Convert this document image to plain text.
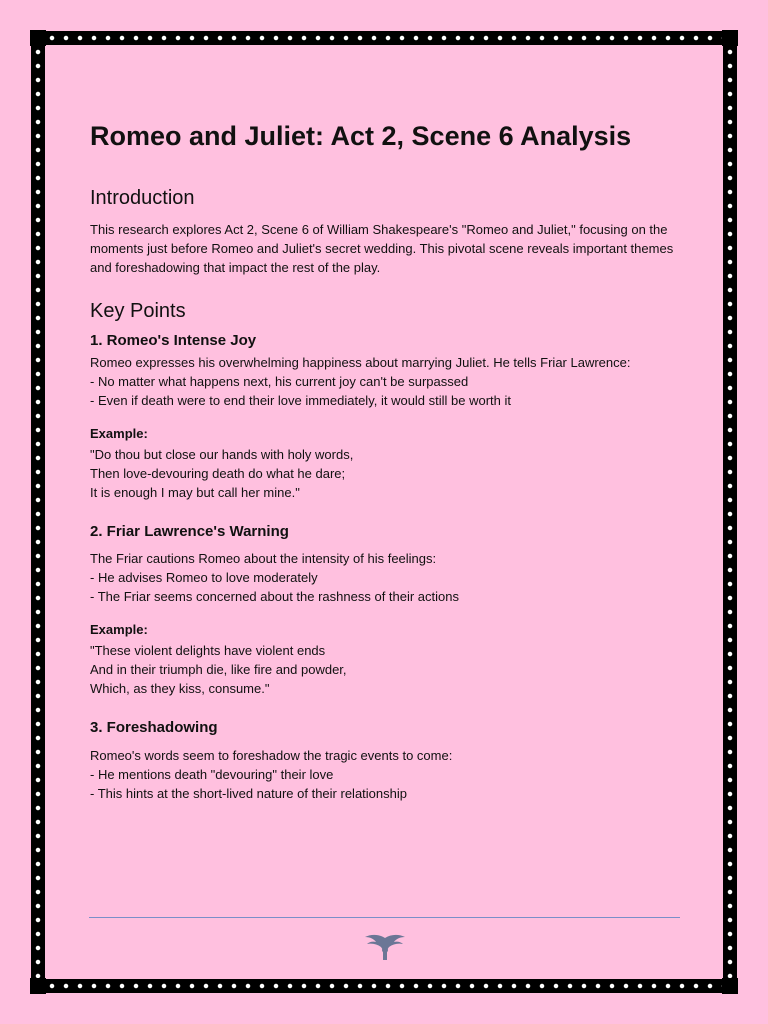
Romeo and Juliet: Act 2, Scene 6 Analysis
Introduction

This research explores Act 2, Scene 6 of William Shakespeare's "Romeo and Juliet," focusing on the moments just before Romeo and Juliet's secret wedding. This pivotal scene reveals important themes and foreshadowing that impact the rest of the play.

Key Points
1. Romeo's Intense Joy
Romeo expresses his overwhelming happiness about marrying Juliet. He tells Friar Lawrence:
- No matter what happens next, his current joy can't be surpassed
- Even if death were to end their love immediately, it would still be worth it
Example:
"Do thou but close our hands with holy words,
Then love-devouring death do what he dare;
It is enough I may but call her mine."
2. Friar Lawrence's Warning
The Friar cautions Romeo about the intensity of his feelings:
- He advises Romeo to love moderately
- The Friar seems concerned about the rashness of their actions
Example:
"These violent delights have violent ends
And in their triumph die, like fire and powder,
Which, as they kiss, consume."
3. Foreshadowing
Romeo's words seem to foreshadow the tragic events to come:
- He mentions death "devouring" their love
- This hints at the short-lived nature of their relationship
